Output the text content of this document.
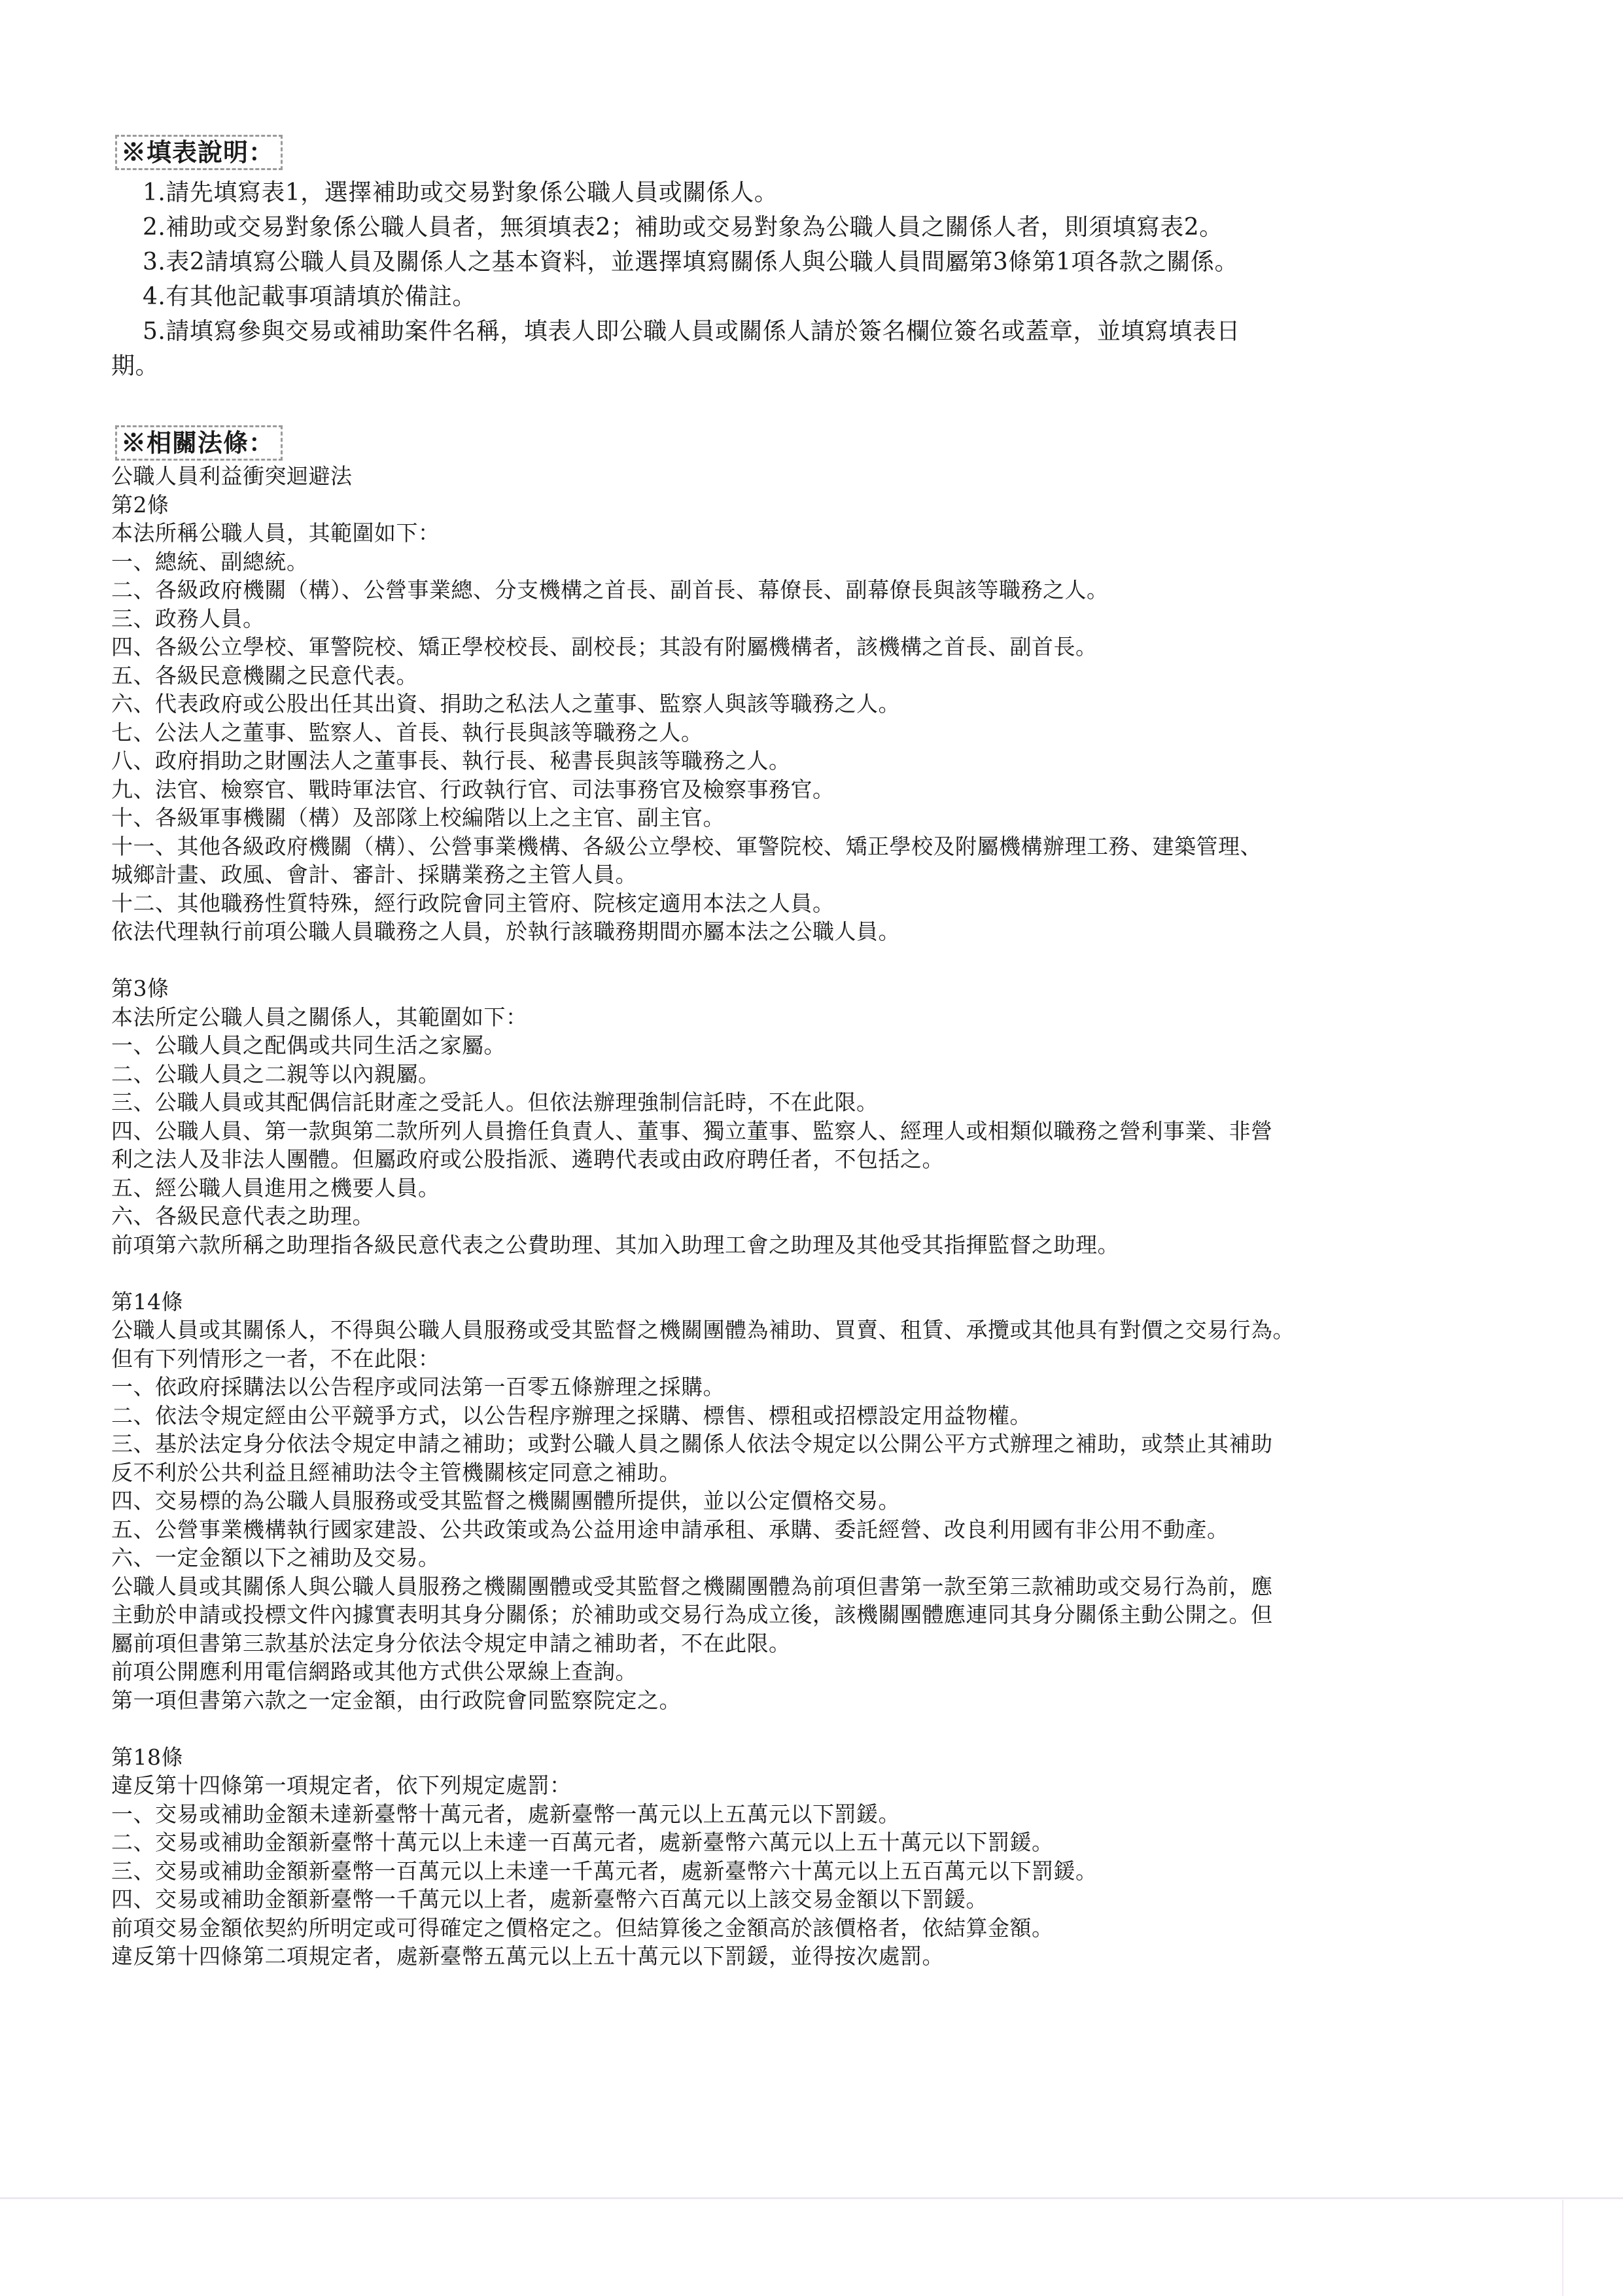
※填表說明：

1.請先填寫表1，選擇補助或交易對象係公職人員或關係人。

2.補助或交易對象係公職人員者，無須填表2；補助或交易對象為公職人員之關係人者，則須填寫表2。

3.表2請填寫公職人員及關係人之基本資料，並選擇填寫關係人與公職人員間屬第3條第1項各款之關係。

4.有其他記載事項請填於備註。

5.請填寫參與交易或補助案件名稱，填表人即公職人員或關係人請於簽名欄位簽名或蓋章，並填寫填表日

期。

※相關法條：

公職人員利益衝突迴避法

第2條

本法所稱公職人員，其範圍如下：

一、總統、副總統。

二、各級政府機關（構）、公營事業總、分支機構之首長、副首長、幕僚長、副幕僚長與該等職務之人。

三、政務人員。

四、各級公立學校、軍警院校、矯正學校校長、副校長；其設有附屬機構者，該機構之首長、副首長。

五、各級民意機關之民意代表。

六、代表政府或公股出任其出資、捐助之私法人之董事、監察人與該等職務之人。

七、公法人之董事、監察人、首長、執行長與該等職務之人。

八、政府捐助之財團法人之董事長、執行長、秘書長與該等職務之人。

九、法官、檢察官、戰時軍法官、行政執行官、司法事務官及檢察事務官。

十、各級軍事機關（構）及部隊上校編階以上之主官、副主官。

十一、其他各級政府機關（構）、公營事業機構、各級公立學校、軍警院校、矯正學校及附屬機構辦理工務、建築管理、

城鄉計畫、政風、會計、審計、採購業務之主管人員。

十二、其他職務性質特殊，經行政院會同主管府、院核定適用本法之人員。

依法代理執行前項公職人員職務之人員，於執行該職務期間亦屬本法之公職人員。

第3條

本法所定公職人員之關係人，其範圍如下：

一、公職人員之配偶或共同生活之家屬。

二、公職人員之二親等以內親屬。

三、公職人員或其配偶信託財產之受託人。但依法辦理強制信託時，不在此限。

四、公職人員、第一款與第二款所列人員擔任負責人、董事、獨立董事、監察人、經理人或相類似職務之營利事業、非營

利之法人及非法人團體。但屬政府或公股指派、遴聘代表或由政府聘任者，不包括之。

五、經公職人員進用之機要人員。

六、各級民意代表之助理。

前項第六款所稱之助理指各級民意代表之公費助理、其加入助理工會之助理及其他受其指揮監督之助理。

第14條

公職人員或其關係人，不得與公職人員服務或受其監督之機關團體為補助、買賣、租賃、承攬或其他具有對價之交易行為。

但有下列情形之一者，不在此限：

一、依政府採購法以公告程序或同法第一百零五條辦理之採購。

二、依法令規定經由公平競爭方式，以公告程序辦理之採購、標售、標租或招標設定用益物權。

三、基於法定身分依法令規定申請之補助；或對公職人員之關係人依法令規定以公開公平方式辦理之補助，或禁止其補助

反不利於公共利益且經補助法令主管機關核定同意之補助。

四、交易標的為公職人員服務或受其監督之機關團體所提供，並以公定價格交易。

五、公營事業機構執行國家建設、公共政策或為公益用途申請承租、承購、委託經營、改良利用國有非公用不動產。

六、一定金額以下之補助及交易。

公職人員或其關係人與公職人員服務之機關團體或受其監督之機關團體為前項但書第一款至第三款補助或交易行為前，應

主動於申請或投標文件內據實表明其身分關係；於補助或交易行為成立後，該機關團體應連同其身分關係主動公開之。但

屬前項但書第三款基於法定身分依法令規定申請之補助者，不在此限。

前項公開應利用電信網路或其他方式供公眾線上查詢。

第一項但書第六款之一定金額，由行政院會同監察院定之。

第18條

違反第十四條第一項規定者，依下列規定處罰：

一、交易或補助金額未達新臺幣十萬元者，處新臺幣一萬元以上五萬元以下罰鍰。

二、交易或補助金額新臺幣十萬元以上未達一百萬元者，處新臺幣六萬元以上五十萬元以下罰鍰。

三、交易或補助金額新臺幣一百萬元以上未達一千萬元者，處新臺幣六十萬元以上五百萬元以下罰鍰。

四、交易或補助金額新臺幣一千萬元以上者，處新臺幣六百萬元以上該交易金額以下罰鍰。

前項交易金額依契約所明定或可得確定之價格定之。但結算後之金額高於該價格者，依結算金額。

違反第十四條第二項規定者，處新臺幣五萬元以上五十萬元以下罰鍰，並得按次處罰。
